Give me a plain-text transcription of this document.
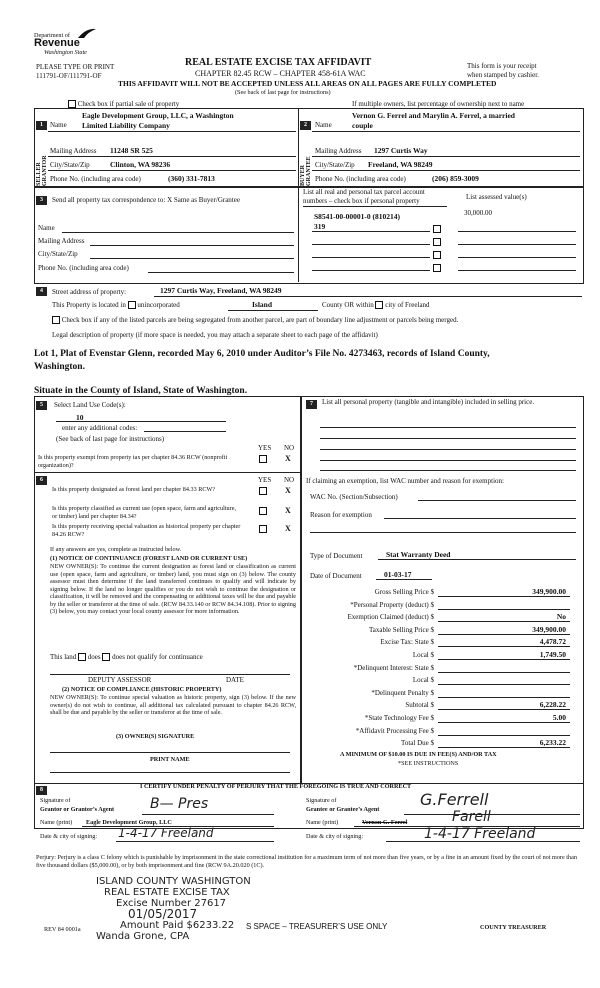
Department of
Revenue
Washington State
PLEASE TYPE OR PRINT
111791-OF/111791-OF
REAL ESTATE EXCISE TAX AFFIDAVIT
CHAPTER 82.45 RCW – CHAPTER 458-61A WAC
THIS AFFIDAVIT WILL NOT BE ACCEPTED UNLESS ALL AREAS ON ALL PAGES ARE FULLY COMPLETED
(See back of last page for instructions)
This form is your receipt
when stamped by cashier.
Check box if partial sale of property	If multiple owners, list percentage of ownership next to name
SELLER GRANTOR
1	Name
Eagle Development Group, LLC, a Washington
Limited Liability Company
Mailing Address 11248 SR 525
City/State/Zip	Clinton, WA 98236
Phone No. (including area code)	(360) 331-7813	BUYER GRANTEE
2	Name
Vernon G. Ferrel and Marylin A. Ferrel, a married
couple
Mailing Address 1297 Curtis Way
City/State/Zip Freeland, WA 98249
Phone No. (including area code)	(206) 859-3009
3	Send all property tax correspondence to: X Same as Buyer/Grantee
Name
Mailing Address
City/State/Zip
Phone No. (including area code)
List all real and personal tax parcel account
numbers – check box if personal property	List assessed value(s)
S8541-00-00001-0 (810214)	30,000.00
319
4	Street address of property:	1297 Curtis Way, Freeland, WA 98249
This Property is located in unincorporated	Island	County OR within city of Freeland
Check box if any of the listed parcels are being segregated from another parcel, are part of boundary line adjustment or parcels being merged.
Legal description of property (if more space is needed, you may attach a separate sheet to each page of the affidavit)
Lot 1, Plat of Evenstar Glenn, recorded May 6, 2010 under Auditor’s File No. 4273463, records of Island County,
Washington.
Situate in the County of Island, State of Washington.
5	Select Land Use Code(s):
10
enter any additional codes:
(See back of last page for instructions)
YES NO
Is this property exempt from property tax per chapter 84.36 RCW (nonprofit organization)?
X
6	YES NO
Is this property designated as forest land per chapter 84.33 RCW?	X
Is this property classified as current use (open space, farm and agriculture, or timber) land per chapter 84.34?
X
Is this property receiving special valuation as historical property per chapter 84.26 RCW?
X
If any answers are yes, complete as instructed below.
(1) NOTICE OF CONTINUANCE (FOREST LAND OR CURRENT USE)
NEW OWNER(S): To continue the current designation as forest land or classification as current use (open space, farm and agriculture, or timber) land, you must sign on (3) below. The county assessor must then determine if the land transferred continues to qualify and will indicate by signing below. If the land no longer qualifies or you do not wish to continue the designation or classification, it will be removed and the compensating or additional taxes will be due and payable by the seller or transferor at the time of sale. (RCW 84.33.140 or RCW 84.34.108). Prior to signing (3) below, you may contact your local county assessor for more information.
This land does does not qualify for continuance
DEPUTY ASSESSOR	DATE
(2) NOTICE OF COMPLIANCE (HISTORIC PROPERTY)
NEW OWNER(S): To continue special valuation as historic property, sign (3) below. If the new owner(s) do not wish to continue, all additional tax calculated pursuant to chapter 84.26 RCW, shall be due and payable by the seller or transferor at the time of sale.
(3) OWNER(S) SIGNATURE
PRINT NAME
7	List all personal property (tangible and intangible) included in selling price.
If claiming an exemption, list WAC number and reason for exemption:
WAC No. (Section/Subsection)
Reason for exemption
Type of Document	Stat Warranty Deed
Date of Document	01-03-17
Gross Selling Price $	349,900.00
*Personal Property (deduct) $
Exemption Claimed (deduct) $	No
Taxable Selling Price $	349,900.00
Excise Tax: State $	4,478.72
Local $	1,749.50
*Delinquent Interest: State $
Local $
*Delinquent Penalty $
Subtotal $	6,228.22
*State Technology Fee $	5.00
*Affidavit Processing Fee $
Total Due $	6,233.22
A MINIMUM OF $10.00 IS DUE IN FEE(S) AND/OR TAX
*SEE INSTRUCTIONS
8	I CERTIFY UNDER PENALTY OF PERJURY THAT THE FOREGOING IS TRUE AND CORRECT
Signature of
Grantor or Grantor’s Agent	B— Pres
Name (print) Eagle Development Group, LLC
Date & city of signing: 1-4-17 Freeland
Signature of
Grantee or Grantee’s Agent
G.Ferrell
Name (print)	Vernon G. Ferrel	Farell
Date & city of signing:	1-4-17 Freeland
Perjury: Perjury is a class C felony which is punishable by imprisonment in the state correctional institution for a maximum term of not more than five years, or by a fine in an amount fixed by the court of not more than five thousand dollars ($5,000.00), or by both imprisonment and fine (RCW 9A.20.020 (1C).
ISLAND COUNTY WASHINGTON
REAL ESTATE EXCISE TAX
Excise Number 27617
01/05/2017
Amount Paid $6233.22
Wanda Grone, CPA
REV 84 0001a	S SPACE – TREASURER’S USE ONLY	COUNTY TREASURER
